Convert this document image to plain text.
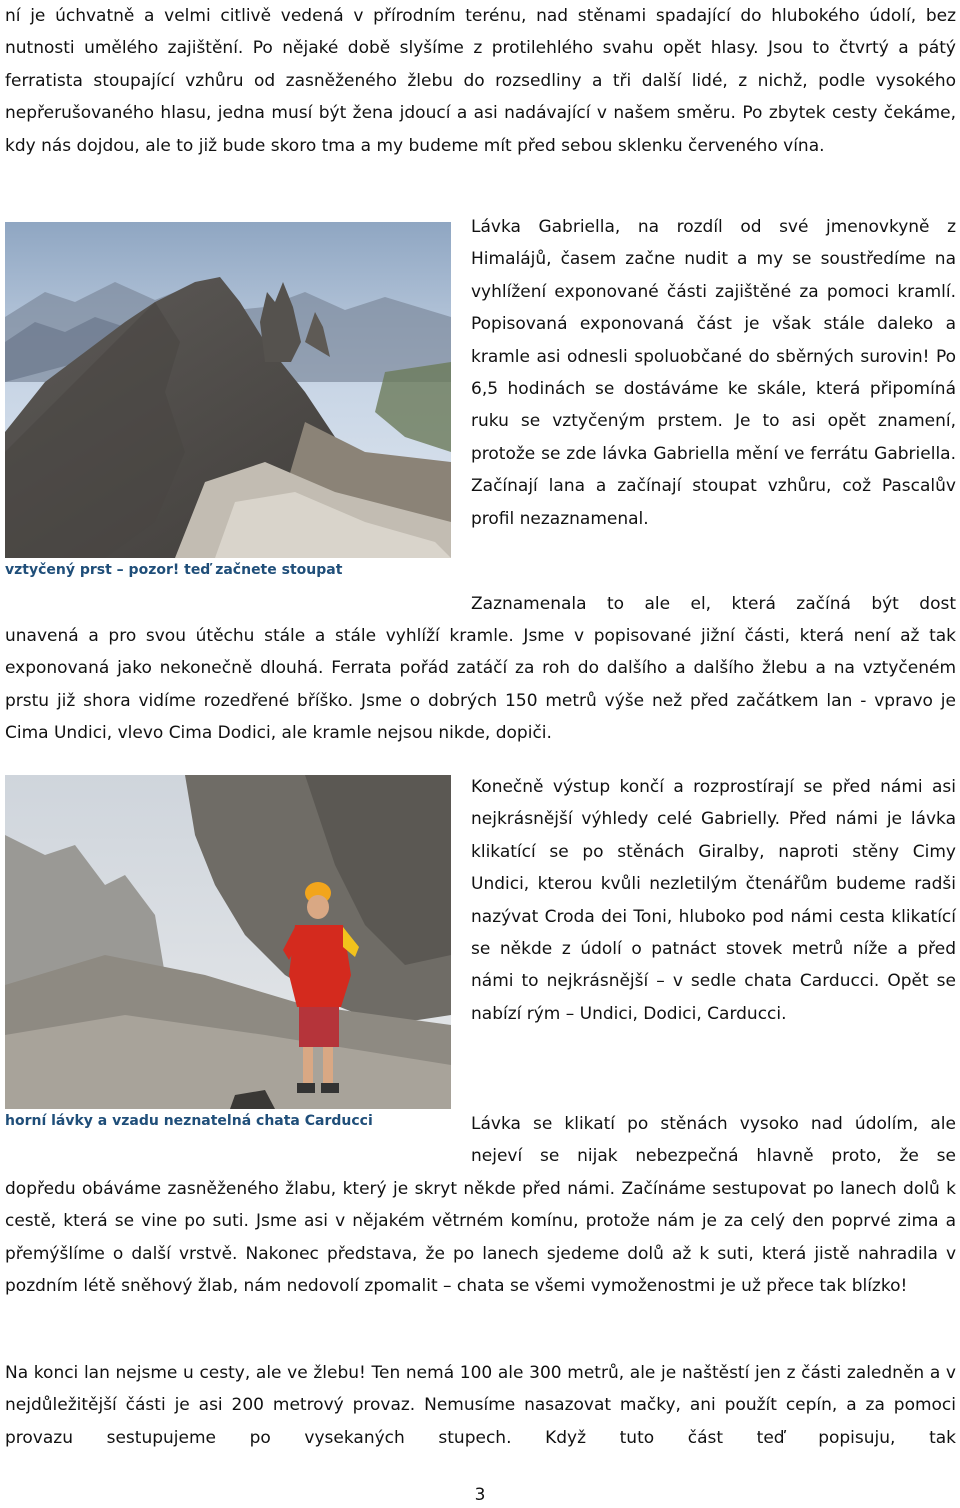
ní je úchvatně a velmi citlivě vedená v přírodním terénu, nad stěnami spadající do hlubokého údolí, bez nutnosti umělého zajištění. Po nějaké době slyšíme z protilehlého svahu opět hlasy. Jsou to čtvrtý a pátý ferratista stoupající vzhůru od zasněženého žlebu do rozsedliny a tři další lidé, z nichž, podle vysokého nepřerušovaného hlasu, jedna musí být žena jdoucí a asi nadávající v našem směru. Po zbytek cesty čekáme, kdy nás dojdou, ale to již bude skoro tma a my budeme mít před sebou sklenku červeného vína.

vztyčený prst – pozor! teď začnete stoupat

Lávka Gabriella, na rozdíl od své jmenovkyně z Himalájů, časem začne nudit a my se soustředíme na vyhlížení exponované části zajištěné za pomoci kramlí. Popisovaná exponovaná část je však stále daleko a kramle asi odnesli spoluobčané do sběrných surovin! Po 6,5 hodinách se dostáváme ke skále, která připomíná ruku se vztyčeným prstem. Je to asi opět znamení, protože se zde lávka Gabriella mění ve ferrátu Gabriella. Začínají lana a začínají stoupat vzhůru, což Pascalův profil nezaznamenal.

Zaznamenala to ale el, která začíná být dost

unavená a pro svou útěchu stále a stále vyhlíží kramle. Jsme v popisované jižní části, která není až tak exponovaná jako nekonečně dlouhá. Ferrata pořád zatáčí za roh do dalšího a dalšího žlebu a na vztyčeném prstu již shora vidíme rozedřené bříško. Jsme o dobrých 150 metrů výše než před začátkem lan - vpravo je Cima Undici, vlevo Cima Dodici, ale kramle nejsou nikde, dopiči.

horní lávky a vzadu neznatelná chata Carducci

Konečně výstup končí a rozprostírají se před námi asi nejkrásnější výhledy celé Gabrielly. Před námi je lávka klikatící se po stěnách Giralby, naproti stěny Cimy Undici, kterou kvůli nezletilým čtenářům budeme radši nazývat Croda dei Toni, hluboko pod námi cesta klikatící se někde z údolí o patnáct stovek metrů níže a před námi to nejkrásnější – v sedle chata Carducci. Opět se nabízí rým – Undici, Dodici, Carducci.

Lávka se klikatí po stěnách vysoko nad údolím, ale nejeví se nijak nebezpečná hlavně proto, že se

dopředu obáváme zasněženého žlabu, který je skryt někde před námi. Začínáme sestupovat po lanech dolů k cestě, která se vine po suti. Jsme asi v nějakém větrném komínu, protože nám je za celý den poprvé zima a přemýšlíme o další vrstvě. Nakonec představa, že po lanech sjedeme dolů až k suti, která jistě nahradila v pozdním létě sněhový žlab, nám nedovolí zpomalit – chata se všemi vymoženostmi je už přece tak blízko!

Na konci lan nejsme u cesty, ale ve žlebu! Ten nemá 100 ale 300 metrů, ale je naštěstí jen z části zaledněn a v nejdůležitější části je asi 200 metrový provaz. Nemusíme nasazovat mačky, ani použít cepín, a za pomoci provazu sestupujeme po vysekaných stupech. Když tuto část teď popisuju, tak

3
